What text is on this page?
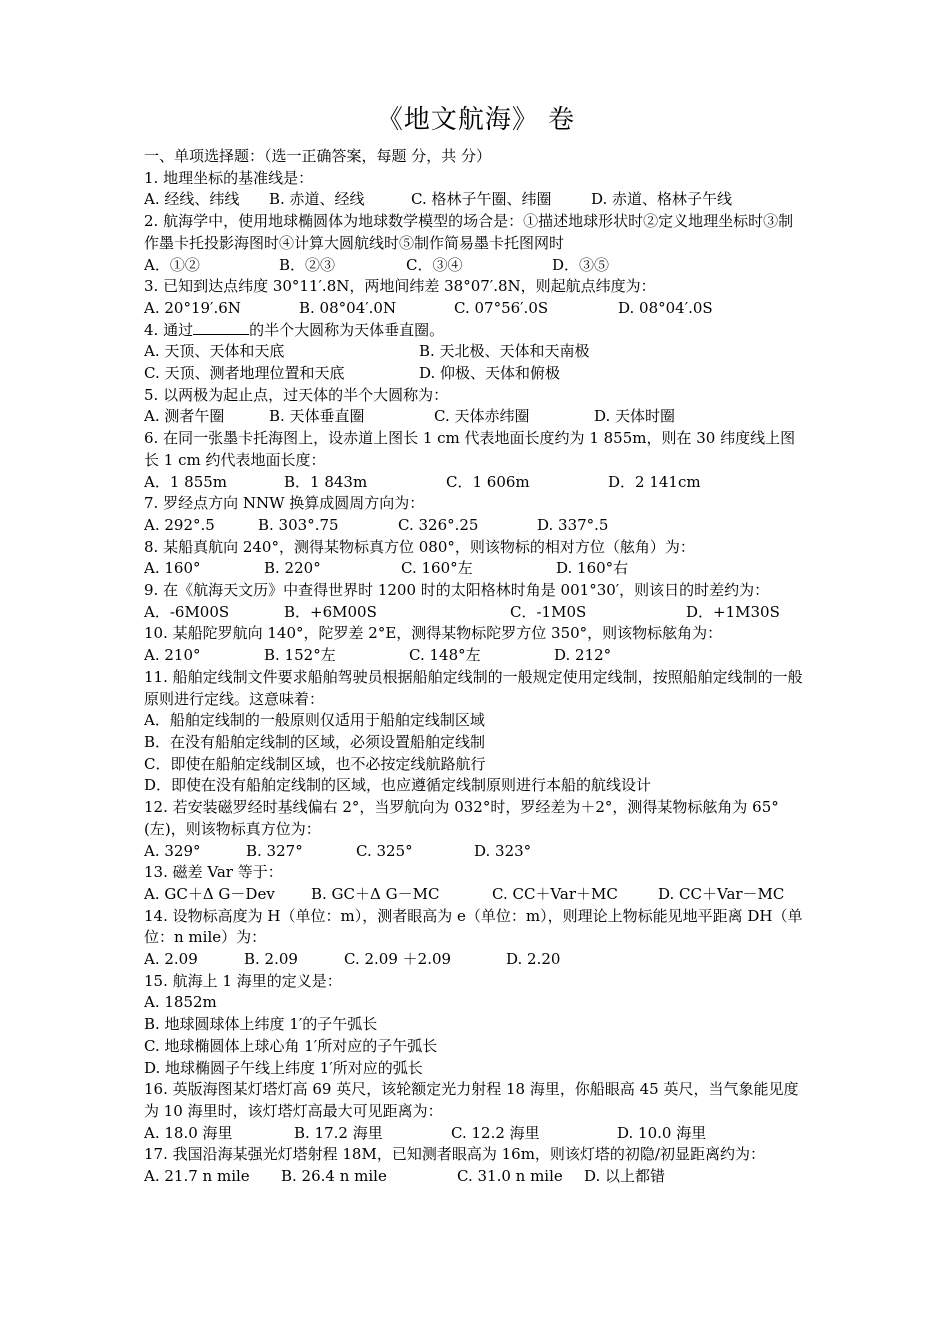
《地文航海》 卷
一、单项选择题：（选一正确答案，每题 分，共 分）
1. 地理坐标的基准线是：
A. 经线、纬线	B. 赤道、经线	C. 格林子午圈、纬圈	D. 赤道、格林子午线
2. 航海学中，使用地球椭圆体为地球数学模型的场合是：①描述地球形状时②定义地理坐标时③制作墨卡托投影海图时④计算大圆航线时⑤制作简易墨卡托图网时
A．①②	B．②③	C．③④	D．③⑤
3. 已知到达点纬度 30°11′.8N，两地间纬差 38°07′.8N，则起航点纬度为：
A. 20°19′.6N	B. 08°04′.0N	C. 07°56′.0S	D. 08°04′.0S
4. 通过	的半个大圆称为天体垂直圈。
A. 天顶、天体和天底	B. 天北极、天体和天南极
C. 天顶、测者地理位置和天底	D. 仰极、天体和俯极
5. 以两极为起止点，过天体的半个大圆称为：
A. 测者午圈	B. 天体垂直圈	C. 天体赤纬圈	D. 天体时圈
6. 在同一张墨卡托海图上，设赤道上图长 1 cm 代表地面长度约为 1 855m，则在 30 纬度线上图长 1 cm 约代表地面长度：
A．1 855m	B．1 843m	C．1 606m	D．2 141cm
7. 罗经点方向 NNW 换算成圆周方向为：
A. 292°.5	B. 303°.75	C. 326°.25	D. 337°.5
8. 某船真航向 240°，测得某物标真方位 080°，则该物标的相对方位（舷角）为：
A. 160°	B. 220°	C. 160°左	D. 160°右
9. 在《航海天文历》中查得世界时 1200 时的太阳格林时角是 001°30′，则该日的时差约为：
A．-6M00S	B．+6M00S	C．-1M0S	D．+1M30S
10. 某船陀罗航向 140°，陀罗差 2°E，测得某物标陀罗方位 350°，则该物标舷角为：
A. 210°	B. 152°左	C. 148°左	D. 212°
11. 船舶定线制文件要求船舶驾驶员根据船舶定线制的一般规定使用定线制，按照船舶定线制的一般原则进行定线。这意味着：
A．船舶定线制的一般原则仅适用于船舶定线制区域
B．在没有船舶定线制的区域，必须设置船舶定线制
C．即使在船舶定线制区域，也不必按定线航路航行
D．即使在没有船舶定线制的区域，也应遵循定线制原则进行本船的航线设计
12. 若安装磁罗经时基线偏右 2°，当罗航向为 032°时，罗经差为＋2°，测得某物标舷角为 65°(左)，则该物标真方位为：
A. 329°	B. 327°	C. 325°	D. 323°
13. 磁差 Var 等于：
A. GC＋Δ G－Dev	B. GC＋Δ G－MC	C. CC＋Var＋MC	D. CC＋Var－MC
14. 设物标高度为 H（单位：m），测者眼高为 e（单位：m），则理论上物标能见地平距离 DH（单位：n mile）为：
A. 2.09	B. 2.09	C. 2.09 ＋2.09	D. 2.20
15. 航海上 1 海里的定义是：
A. 1852m
B. 地球圆球体上纬度 1′的子午弧长
C. 地球椭圆体上球心角 1′所对应的子午弧长
D. 地球椭圆子午线上纬度 1′所对应的弧长
16. 英版海图某灯塔灯高 69 英尺，该轮额定光力射程 18 海里，你船眼高 45 英尺，当气象能见度为 10 海里时，该灯塔灯高最大可见距离为：
A. 18.0 海里	B. 17.2 海里	C. 12.2 海里	D. 10.0 海里
17. 我国沿海某强光灯塔射程 18M，已知测者眼高为 16m，则该灯塔的初隐/初显距离约为：
A. 21.7 n mile	B. 26.4 n mile	C. 31.0 n mile	D. 以上都错
